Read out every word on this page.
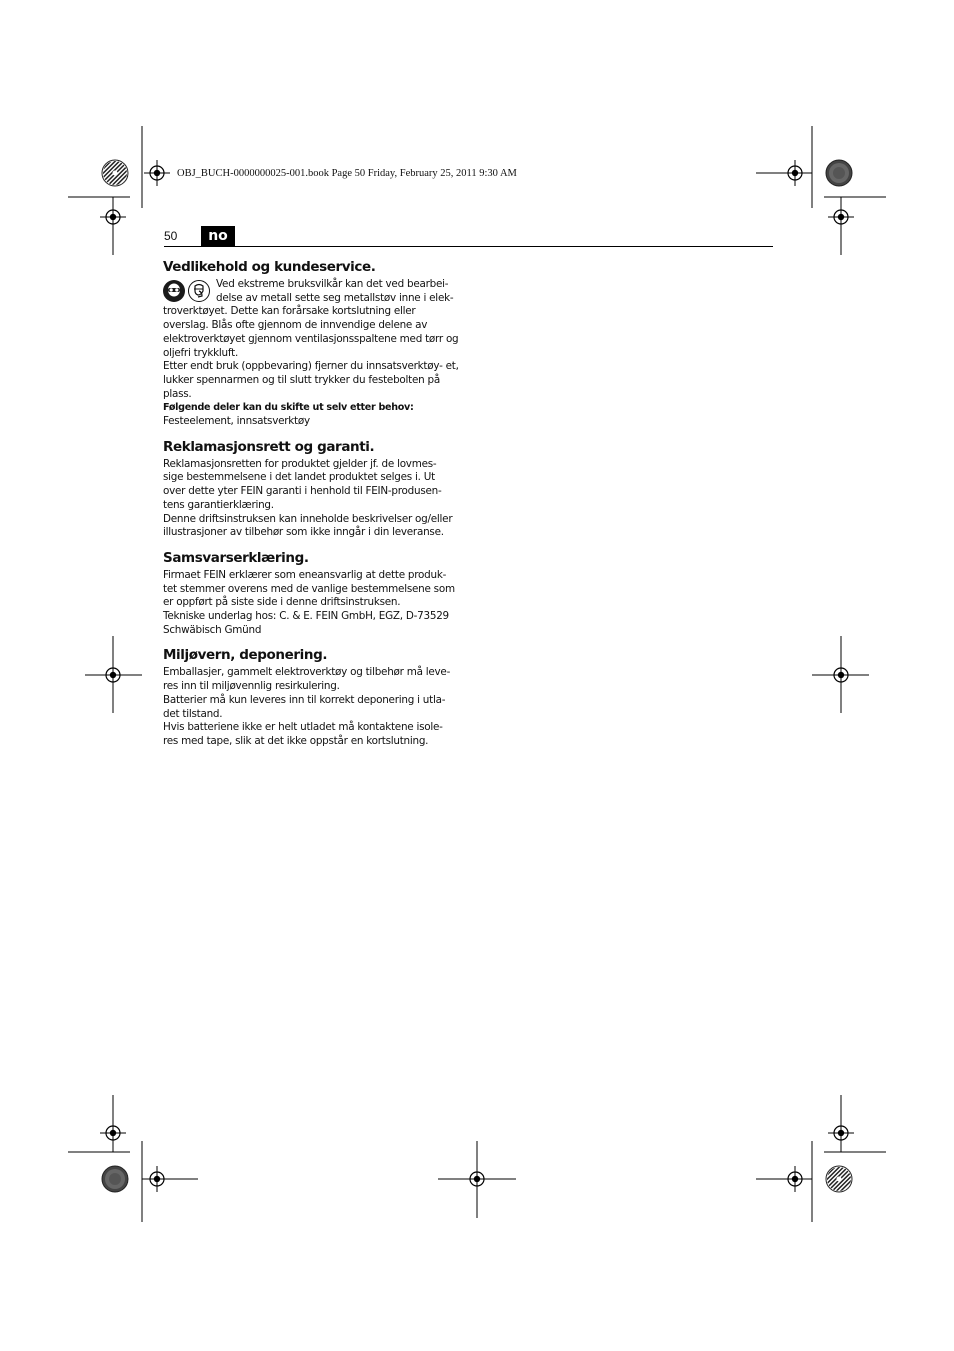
OBJ_BUCH-0000000025-001.book Page 50 Friday, February 25, 2011 9:30 AM
50	no
Vedlikehold og kundeservice.

Ved ekstreme bruksvilkår kan det ved bearbei- delse av metall sette seg metallstøv inne i elek- troverktøyet. Dette kan forårsake kortslutning eller overslag. Blås ofte gjennom de innvendige delene av elektroverktøyet gjennom ventilasjonsspaltene med tørr og oljefri trykkluft.

Etter endt bruk (oppbevaring) fjerner du innsatsverktøy- et, lukker spennarmen og til slutt trykker du festebolten på plass.

Følgende deler kan du skifte ut selv etter behov:

Festeelement, innsatsverktøy

Reklamasjonsrett og garanti.

Reklamasjonsretten for produktet gjelder jf. de lovmes- sige bestemmelsene i det landet produktet selges i. Ut over dette yter FEIN garanti i henhold til FEIN-produsen- tens garantierklæring.

Denne driftsinstruksen kan inneholde beskrivelser og/eller illustrasjoner av tilbehør som ikke inngår i din leveranse.

Samsvarserklæring.

Firmaet FEIN erklærer som eneansvarlig at dette produk- tet stemmer overens med de vanlige bestemmelsene som er oppført på siste side i denne driftsinstruksen.

Tekniske underlag hos: C. & E. FEIN GmbH, EGZ, D-73529 Schwäbisch Gmünd

Miljøvern, deponering.

Emballasjer, gammelt elektroverktøy og tilbehør må leve- res inn til miljøvennlig resirkulering.

Batterier må kun leveres inn til korrekt deponering i utla- det tilstand.

Hvis batteriene ikke er helt utladet må kontaktene isole- res med tape, slik at det ikke oppstår en kortslutning.
